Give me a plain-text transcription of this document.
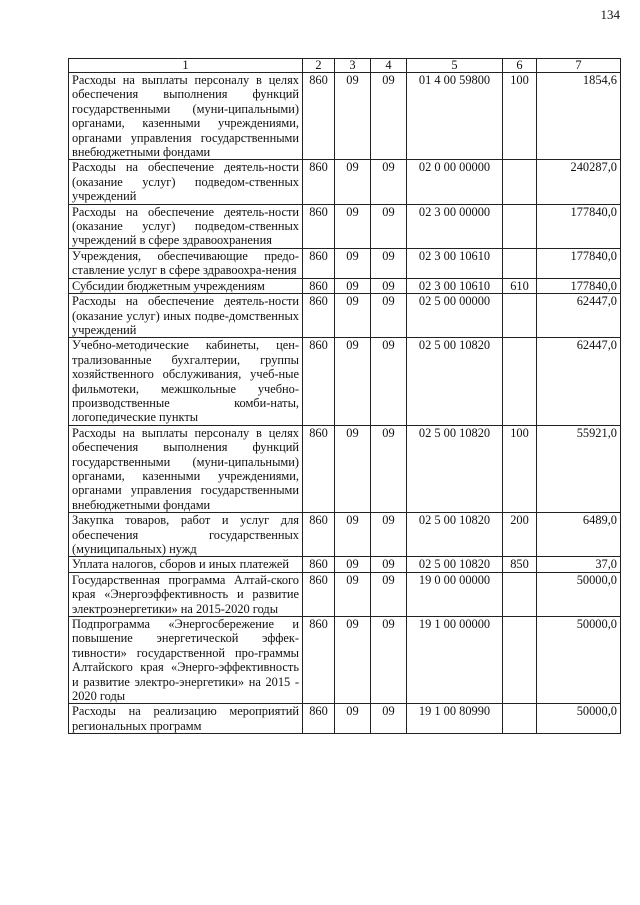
134
1	2	3	4	5	6	7
Расходы на выплаты персоналу в целях обеспечения выполнения функций государственными (муни-ципальными) органами, казенными учреждениями, органами управления государственными внебюджетными фондами	860	09	09	01 4 00 59800	100	1854,6
Расходы на обеспечение деятель-ности (оказание услуг) подведом-ственных учреждений	860	09	09	02 0 00 00000		240287,0
Расходы на обеспечение деятель-ности (оказание услуг) подведом-ственных учреждений в сфере здравоохранения	860	09	09	02 3 00 00000		177840,0
Учреждения, обеспечивающие предо-ставление услуг в сфере здравоохра-нения	860	09	09	02 3 00 10610		177840,0
Субсидии бюджетным учреждениям	860	09	09	02 3 00 10610	610	177840,0
Расходы на обеспечение деятель-ности (оказание услуг) иных подве-домственных учреждений	860	09	09	02 5 00 00000		62447,0
Учебно-методические кабинеты, цен-трализованные бухгалтерии, группы хозяйственного обслуживания, учеб-ные фильмотеки, межшкольные учебно-производственные комби-наты, логопедические пункты	860	09	09	02 5 00 10820		62447,0
Расходы на выплаты персоналу в целях обеспечения выполнения функций государственными (муни-ципальными) органами, казенными учреждениями, органами управления государственными внебюджетными фондами	860	09	09	02 5 00 10820	100	55921,0
Закупка товаров, работ и услуг для обеспечения государственных (муниципальных) нужд	860	09	09	02 5 00 10820	200	6489,0
Уплата налогов, сборов и иных платежей	860	09	09	02 5 00 10820	850	37,0
Государственная программа Алтай-ского края «Энергоэффективность и развитие электроэнергетики» на 2015-2020 годы	860	09	09	19 0 00 00000		50000,0
Подпрограмма «Энергосбережение и повышение энергетической эффек-тивности» государственной про-граммы Алтайского края «Энерго-эффективность и развитие электро-энергетики» на 2015 - 2020 годы	860	09	09	19 1 00 00000		50000,0
Расходы на реализацию мероприятий региональных программ	860	09	09	19 1 00 80990		50000,0
